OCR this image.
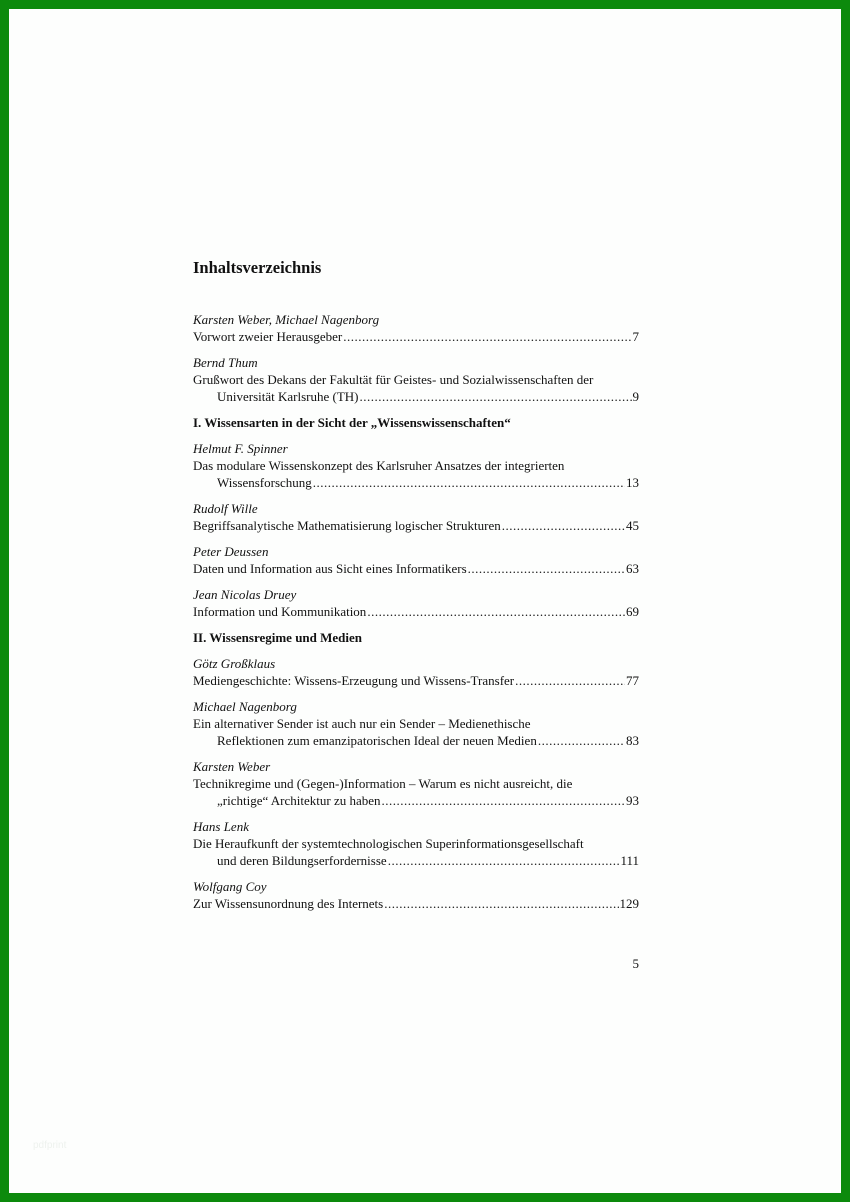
Inhaltsverzeichnis
Karsten Weber, Michael Nagenborg
Vorwort zweier Herausgeber .....	7
Bernd Thum
Grußwort des Dekans der Fakultät für Geistes- und Sozialwissenschaften der
Universität Karlsruhe (TH) .....	9
I. Wissensarten in der Sicht der „Wissenswissenschaften“
Helmut F. Spinner
Das modulare Wissenskonzept des Karlsruher Ansatzes der integrierten
Wissensforschung .....	13
Rudolf Wille
Begriffsanalytische Mathematisierung logischer Strukturen .....	45
Peter Deussen
Daten und Information aus Sicht eines Informatikers .....	63
Jean Nicolas Druey
Information und Kommunikation .....	69
II. Wissensregime und Medien
Götz Großklaus
Mediengeschichte: Wissens-Erzeugung und Wissens-Transfer .....	77
Michael Nagenborg
Ein alternativer Sender ist auch nur ein Sender – Medienethische
Reflektionen zum emanzipatorischen Ideal der neuen Medien .....	83
Karsten Weber
Technikregime und (Gegen-)Information – Warum es nicht ausreicht, die
„richtige“ Architektur zu haben .....	93
Hans Lenk
Die Heraufkunft der systemtechnologischen Superinformationsgesellschaft
und deren Bildungserfordernisse .....	111
Wolfgang Coy
Zur Wissensunordnung des Internets .....	129
5
pdfprint
